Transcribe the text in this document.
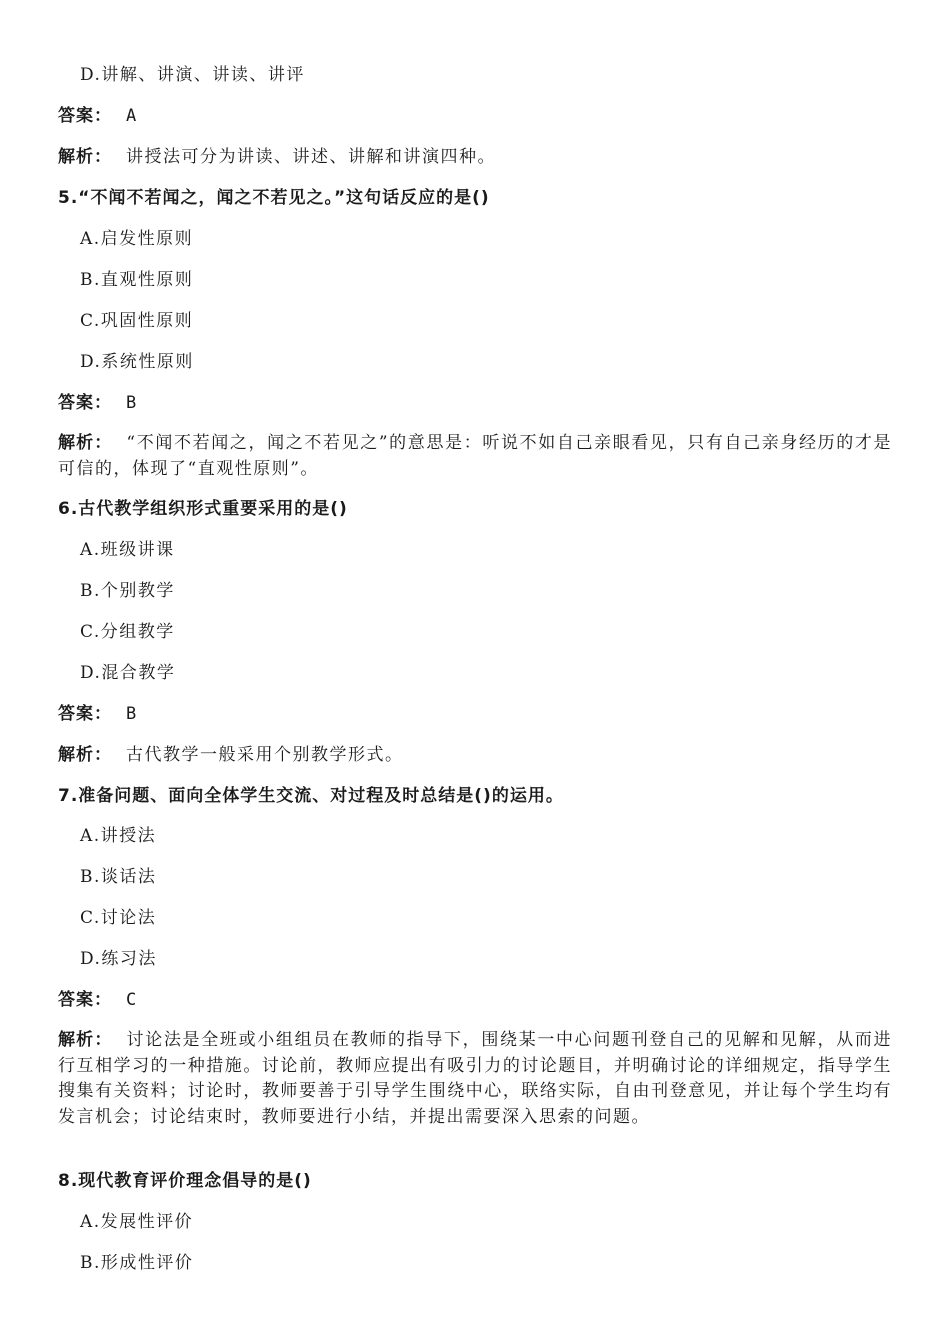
D.讲解、讲演、讲读、讲评
答案： A
解析： 讲授法可分为讲读、讲述、讲解和讲演四种。
5.“不闻不若闻之，闻之不若见之。”这句话反应的是()
A.启发性原则
B.直观性原则
C.巩固性原则
D.系统性原则
答案： B
解析： “不闻不若闻之，闻之不若见之”的意思是：听说不如自己亲眼看见，只有自己亲身经历的才是可信的，体现了“直观性原则”。
6.古代教学组织形式重要采用的是()
A.班级讲课
B.个别教学
C.分组教学
D.混合教学
答案： B
解析： 古代教学一般采用个别教学形式。
7.准备问题、面向全体学生交流、对过程及时总结是()的运用。
A.讲授法
B.谈话法
C.讨论法
D.练习法
答案： C
解析： 讨论法是全班或小组组员在教师的指导下，围绕某一中心问题刊登自己的见解和见解，从而进行互相学习的一种措施。讨论前，教师应提出有吸引力的讨论题目，并明确讨论的详细规定，指导学生搜集有关资料；讨论时，教师要善于引导学生围绕中心，联络实际，自由刊登意见，并让每个学生均有发言机会；讨论结束时，教师要进行小结，并提出需要深入思索的问题。
8.现代教育评价理念倡导的是()
A.发展性评价
B.形成性评价
